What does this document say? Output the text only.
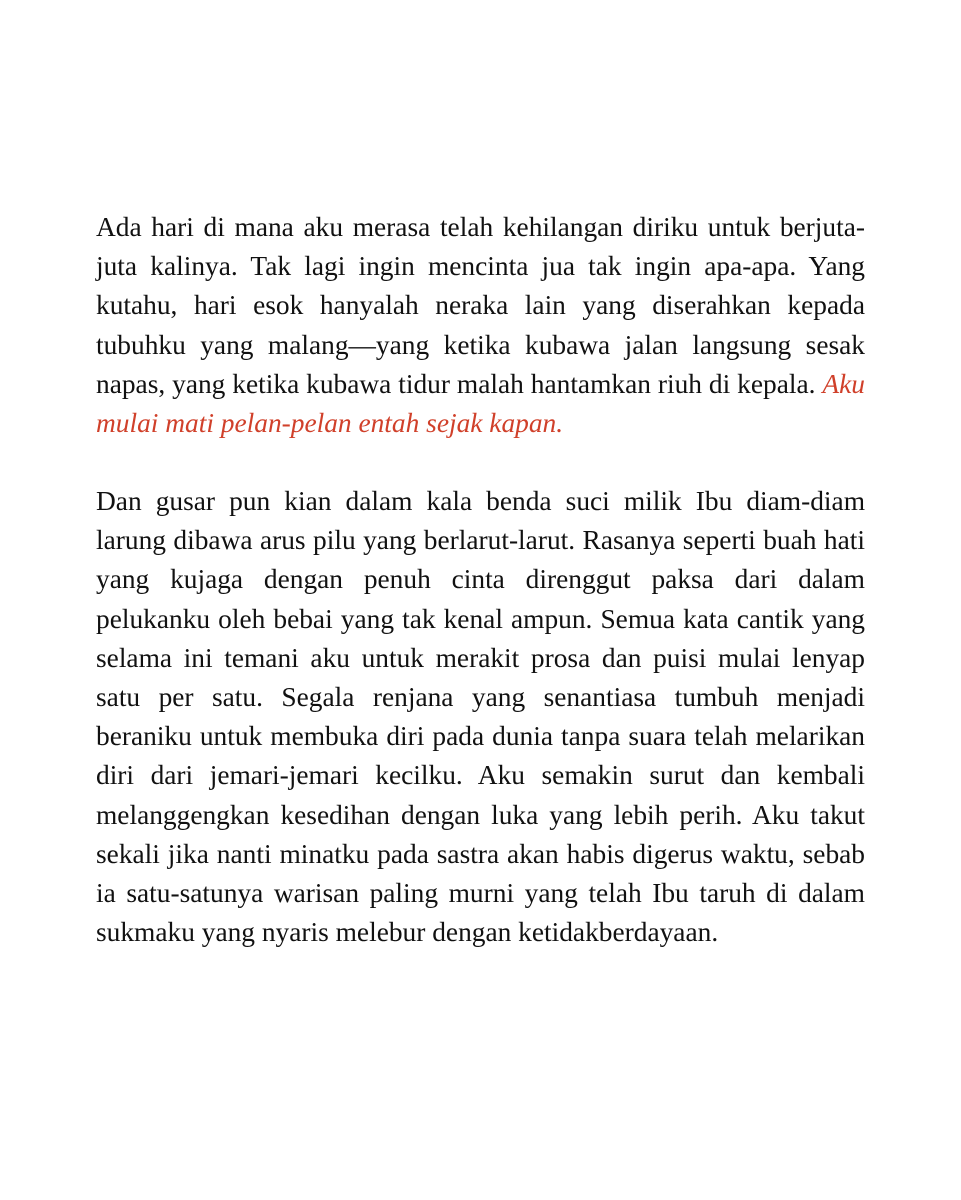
Ada hari di mana aku merasa telah kehilangan diriku untuk berjuta-juta kalinya. Tak lagi ingin mencinta jua tak ingin apa-apa. Yang kutahu, hari esok hanyalah neraka lain yang diserahkan kepada tubuhku yang malang—yang ketika kubawa jalan langsung sesak napas, yang ketika kubawa tidur malah hantamkan riuh di kepala. Aku mulai mati pelan-pelan entah sejak kapan.

Dan gusar pun kian dalam kala benda suci milik Ibu diam-diam larung dibawa arus pilu yang berlarut-larut. Rasanya seperti buah hati yang kujaga dengan penuh cinta direnggut paksa dari dalam pelukanku oleh bebai yang tak kenal ampun. Semua kata cantik yang selama ini temani aku untuk merakit prosa dan puisi mulai lenyap satu per satu. Segala renjana yang senantiasa tumbuh menjadi beraniku untuk membuka diri pada dunia tanpa suara telah melarikan diri dari jemari-jemari kecilku. Aku semakin surut dan kembali melanggengkan kesedihan dengan luka yang lebih perih. Aku takut sekali jika nanti minatku pada sastra akan habis digerus waktu, sebab ia satu-satunya warisan paling murni yang telah Ibu taruh di dalam sukmaku yang nyaris melebur dengan ketidakberdayaan.
